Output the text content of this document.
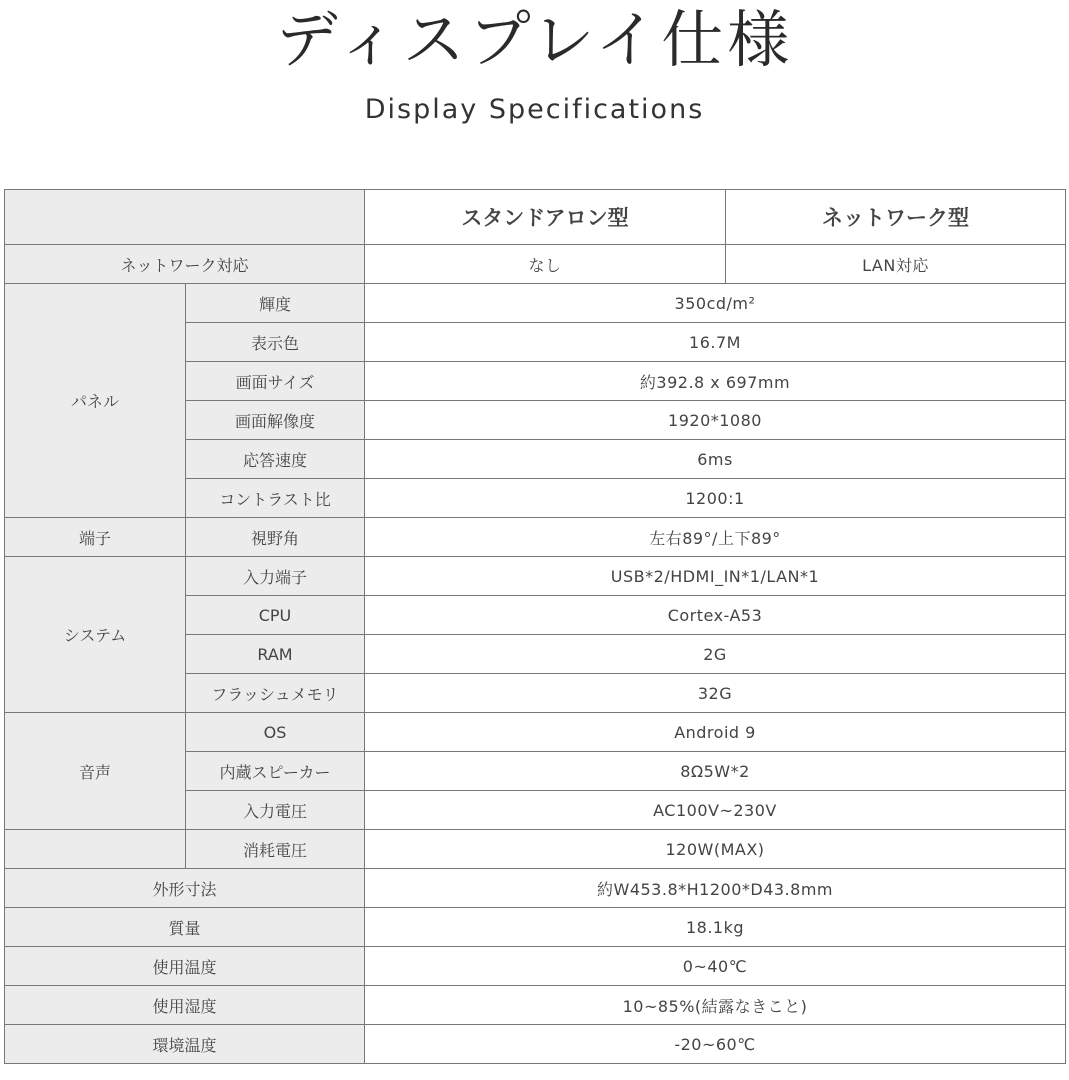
ディスプレイ仕様
Display Specifications
		スタンドアロン型	ネットワーク型
ネットワーク対応		なし	LAN対応
パネル	輝度	350cd/m²	
	表示色	16.7M	
	画面サイズ	約392.8 x 697mm	
	画面解像度	1920*1080	
	応答速度	6ms	
	コントラスト比	1200:1	
端子	視野角	左右89°/上下89°	
システム	入力端子	USB*2/HDMI_IN*1/LAN*1	
	CPU	Cortex-A53	
	RAM	2G	
	フラッシュメモリ	32G	
音声	OS	Android 9	
	内蔵スピーカー	8Ω5W*2	
	入力電圧	AC100V~230V	
	消耗電圧	120W(MAX)	
外形寸法		約W453.8*H1200*D43.8mm	
質量		18.1kg	
使用温度		0~40℃	
使用湿度		10~85%(結露なきこと)	
環境温度		-20~60℃	
